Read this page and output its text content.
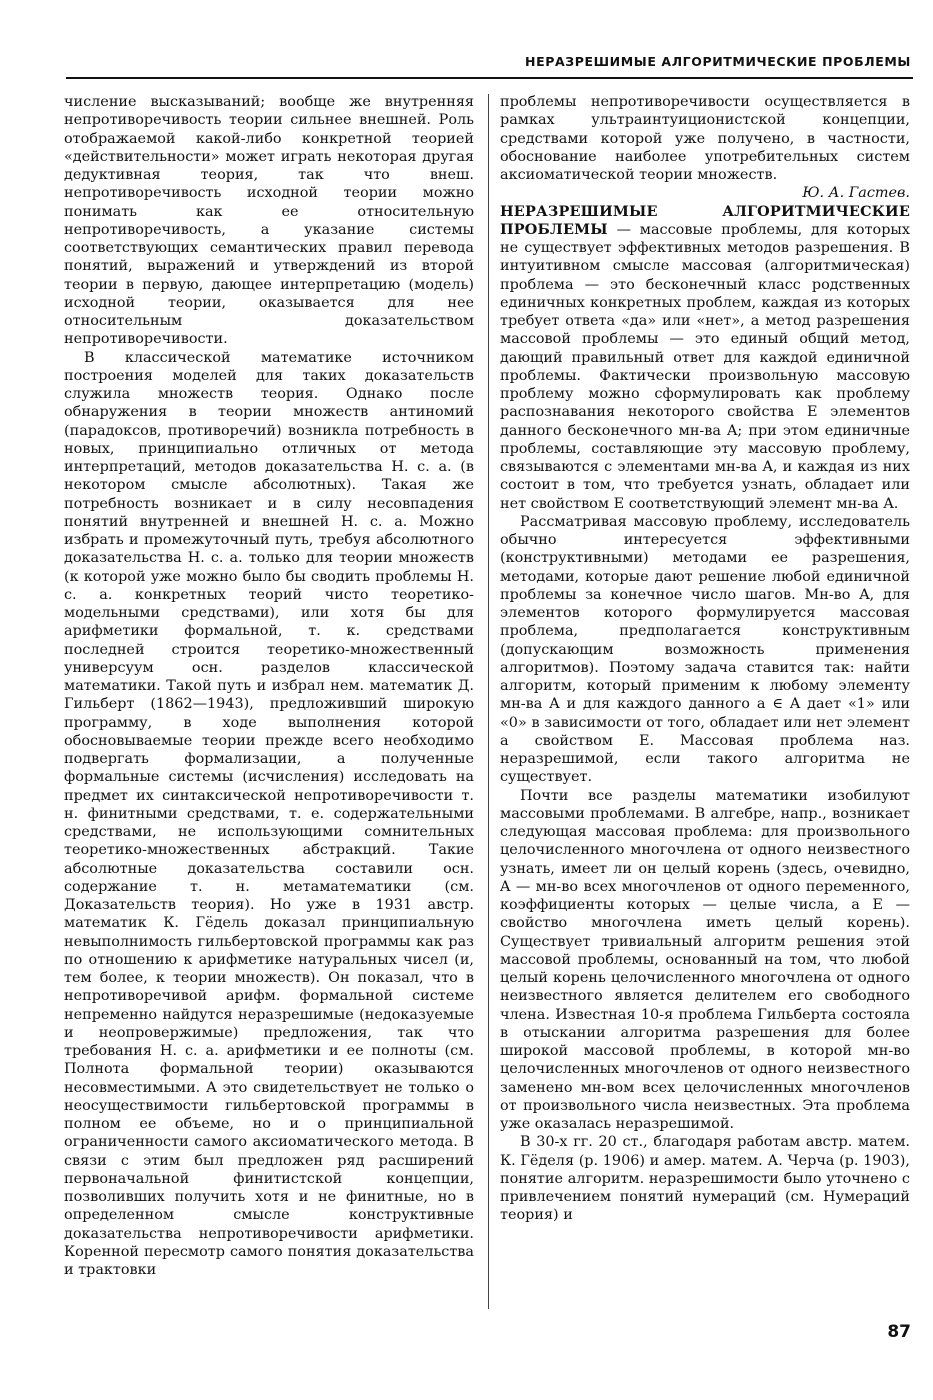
НЕРАЗРЕШИМЫЕ АЛГОРИТМИЧЕСКИЕ ПРОБЛЕМЫ

числение высказываний; вообще же внутренняя непротиворечивость теории сильнее внешней. Роль отображаемой какой-либо конкретной теорией «действительности» может играть некоторая другая дедуктивная теория, так что внеш. непротиворечивость исходной теории можно понимать как ее относительную непротиворечивость, а указание системы соответствующих семантических правил перевода понятий, выражений и утверждений из второй теории в первую, дающее интерпретацию (модель) исходной теории, оказывается для нее относительным доказательством непротиворечивости.

В классической математике источником построения моделей для таких доказательств служила множеств теория. Однако после обнаружения в теории множеств антиномий (парадоксов, противоречий) возникла потребность в новых, принципиально отличных от метода интерпретаций, методов доказательства Н. с. а. (в некотором смысле абсолютных). Такая же потребность возникает и в силу несовпадения понятий внутренней и внешней Н. с. а. Можно избрать и промежуточный путь, требуя абсолютного доказательства Н. с. а. только для теории множеств (к которой уже можно было бы сводить проблемы Н. с. а. конкретных теорий чисто теоретико-модельными средствами), или хотя бы для арифметики формальной, т. к. средствами последней строится теоретико-множественный универсуум осн. разделов классической математики. Такой путь и избрал нем. математик Д. Гильберт (1862—1943), предложивший широкую программу, в ходе выполнения которой обосновываемые теории прежде всего необходимо подвергать формализации, а полученные формальные системы (исчисления) исследовать на предмет их синтаксической непротиворечивости т. н. финитными средствами, т. е. содержательными средствами, не использующими сомнительных теоретико-множественных абстракций. Такие абсолютные доказательства составили осн. содержание т. н. метаматематики (см. Доказательств теория). Но уже в 1931 австр. математик К. Гёдель доказал принципиальную невыполнимость гильбертовской программы как раз по отношению к арифметике натуральных чисел (и, тем более, к теории множеств). Он показал, что в непротиворечивой арифм. формальной системе непременно найдутся неразрешимые (недоказуемые и неопровержимые) предложения, так что требования Н. с. а. арифметики и ее полноты (см. Полнота формальной теории) оказываются несовместимыми. А это свидетельствует не только о неосуществимости гильбертовской программы в полном ее объеме, но и о принципиальной ограниченности самого аксиоматического метода. В связи с этим был предложен ряд расширений первоначальной финитистской концепции, позволивших получить хотя и не финитные, но в определенном смысле конструктивные доказательства непротиворечивости арифметики. Коренной пересмотр самого понятия доказательства и трактовки

проблемы непротиворечивости осуществляется в рамках ультраинтуиционистской концепции, средствами которой уже получено, в частности, обоснование наиболее употребительных систем аксиоматической теории множеств.

Ю. А. Гастев.

НЕРАЗРЕШИМЫЕ АЛГОРИТМИЧЕСКИЕ ПРОБЛЕМЫ — массовые проблемы, для которых не существует эффективных методов разрешения. В интуитивном смысле массовая (алгоритмическая) проблема — это бесконечный класс родственных единичных конкретных проблем, каждая из которых требует ответа «да» или «нет», а метод разрешения массовой проблемы — это единый общий метод, дающий правильный ответ для каждой единичной проблемы. Фактически произвольную массовую проблему можно сформулировать как проблему распознавания некоторого свойства E элементов данного бесконечного мн-ва A; при этом единичные проблемы, составляющие эту массовую проблему, связываются с элементами мн-ва A, и каждая из них состоит в том, что требуется узнать, обладает или нет свойством E соответствующий элемент мн-ва A.

Рассматривая массовую проблему, исследователь обычно интересуется эффективными (конструктивными) методами ее разрешения, методами, которые дают решение любой единичной проблемы за конечное число шагов. Мн-во A, для элементов которого формулируется массовая проблема, предполагается конструктивным (допускающим возможность применения алгоритмов). Поэтому задача ставится так: найти алгоритм, который применим к любому элементу мн-ва A и для каждого данного a ∈ A дает «1» или «0» в зависимости от того, обладает или нет элемент a свойством E. Массовая проблема наз. неразрешимой, если такого алгоритма не существует.

Почти все разделы математики изобилуют массовыми проблемами. В алгебре, напр., возникает следующая массовая проблема: для произвольного целочисленного многочлена от одного неизвестного узнать, имеет ли он целый корень (здесь, очевидно, A — мн-во всех многочленов от одного переменного, коэффициенты которых — целые числа, а E — свойство многочлена иметь целый корень). Существует тривиальный алгоритм решения этой массовой проблемы, основанный на том, что любой целый корень целочисленного многочлена от одного неизвестного является делителем его свободного члена. Известная 10-я проблема Гильберта состояла в отыскании алгоритма разрешения для более широкой массовой проблемы, в которой мн-во целочисленных многочленов от одного неизвестного заменено мн-вом всех целочисленных многочленов от произвольного числа неизвестных. Эта проблема уже оказалась неразрешимой.

В 30-х гг. 20 ст., благодаря работам австр. матем. К. Гёделя (р. 1906) и амер. матем. А. Черча (р. 1903), понятие алгоритм. неразрешимости было уточнено с привлечением понятий нумераций (см. Нумераций теория) и

87
